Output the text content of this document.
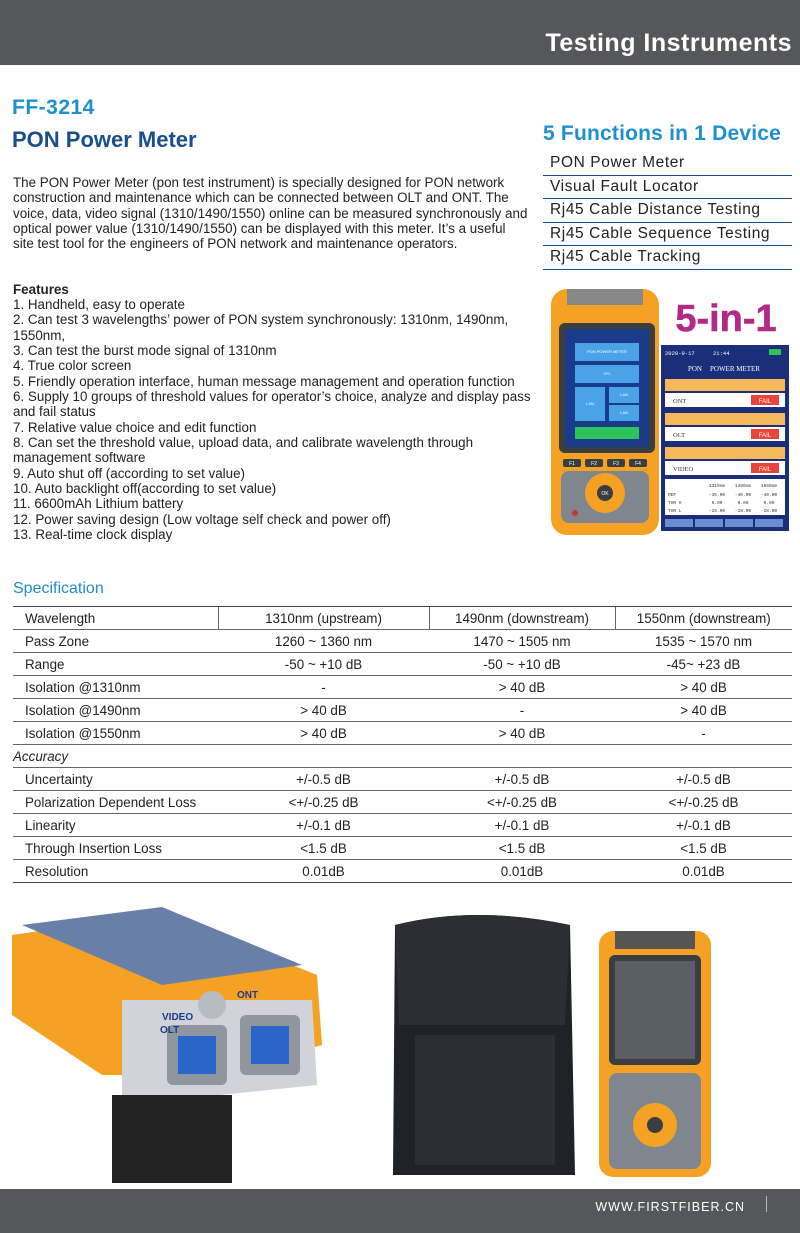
Testing Instruments
FF-3214
PON Power Meter

The PON Power Meter (pon test instrument) is specially designed for PON network construction and maintenance which can be connected between OLT and ONT. The voice, data, video signal (1310/1490/1550) online can be measured synchronously and optical power value (1310/1490/1550) can be displayed with this meter. It’s a useful site test tool for the engineers of PON network and maintenance operators.

Features
1. Handheld, easy to operate
2. Can test 3 wavelengths’ power of PON system synchronously: 1310nm, 1490nm, 1550nm,
3. Can test the burst mode signal of 1310nm
4. True color screen
5. Friendly operation interface, human message management and operation function
6. Supply 10 groups of threshold values for operator’s choice, analyze and display pass and fail status
7. Relative value choice and edit function
8. Can set the threshold value, upload data, and calibrate wavelength through management software
9. Auto shut off (according to set value)
10. Auto backlight off(according to set value)
11. 6600mAh Lithium battery
12. Power saving design (Low voltage self check and power off)
13. Real-time clock display
5 Functions in 1 Device
PON Power Meter
Visual Fault Locator
Rj45 Cable Distance Testing
Rj45 Cable Sequence Testing
Rj45 Cable Tracking
PON POWER METER
VFL
LAN
LAN
LAN
F1	F2	F3	F4
OK
5-in-1
2020-9-17	21:44
PON POWER METER
ONT	FAIL
OLT	FAIL
VIDEO	FAIL
1310nm 1490nm 1550nm
REF	-35.00 -40.00 -40.00
THR H	5.00	0.00	0.00
THR L	-28.00 -28.00 -28.00
Specification
Wavelength	1310nm (upstream)	1490nm (downstream)	1550nm (downstream)
Pass Zone	1260 ~ 1360 nm	1470 ~ 1505 nm	1535 ~ 1570 nm
Range	-50 ~ +10 dB	-50 ~ +10 dB	-45~ +23 dB
Isolation @1310nm	-	> 40 dB	> 40 dB
Isolation @1490nm	> 40 dB	-	> 40 dB
Isolation @1550nm	> 40 dB	> 40 dB	-
Accuracy			
Uncertainty	+/-0.5 dB	+/-0.5 dB	+/-0.5 dB
Polarization Dependent Loss	<+/-0.25 dB	<+/-0.25 dB	<+/-0.25 dB
Linearity	+/-0.1 dB	+/-0.1 dB	+/-0.1 dB
Through Insertion Loss	<1.5 dB	<1.5 dB	<1.5 dB
Resolution	0.01dB	0.01dB	0.01dB
ONT
VIDEO
OLT
WWW.FIRSTFIBER.CN
